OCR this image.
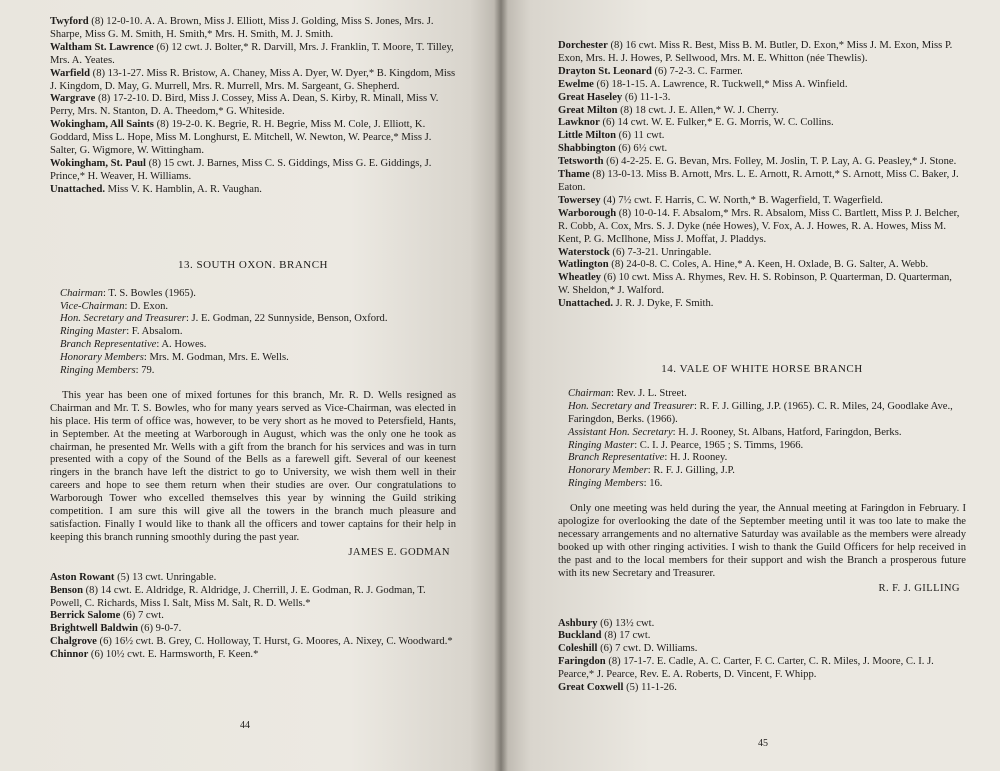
Twyford (8) 12-0-10. A. A. Brown, Miss J. Elliott, Miss J. Golding, Miss S. Jones, Mrs. J. Sharpe, Miss G. M. Smith, H. Smith,* Mrs. H. Smith, M. J. Smith.

Waltham St. Lawrence (6) 12 cwt. J. Bolter,* R. Darvill, Mrs. J. Franklin, T. Moore, T. Tilley, Mrs. A. Yeates.

Warfield (8) 13-1-27. Miss R. Bristow, A. Chaney, Miss A. Dyer, W. Dyer,* B. Kingdom, Miss J. Kingdom, D. May, G. Murrell, Mrs. R. Murrell, Mrs. M. Sargeant, G. Shepherd.

Wargrave (8) 17-2-10. D. Bird, Miss J. Cossey, Miss A. Dean, S. Kirby, R. Minall, Miss V. Perry, Mrs. N. Stanton, D. A. Theedom,* G. Whiteside.

Wokingham, All Saints (8) 19-2-0. K. Begrie, R. H. Begrie, Miss M. Cole, J. Elliott, K. Goddard, Miss L. Hope, Miss M. Longhurst, E. Mitchell, W. Newton, W. Pearce,* Miss J. Salter, G. Wigmore, W. Wittingham.

Wokingham, St. Paul (8) 15 cwt. J. Barnes, Miss C. S. Giddings, Miss G. E. Giddings, J. Prince,* H. Weaver, H. Williams.

Unattached. Miss V. K. Hamblin, A. R. Vaughan.

13. SOUTH OXON. BRANCH

Chairman: T. S. Bowles (1965).

Vice-Chairman: D. Exon.

Hon. Secretary and Treasurer: J. E. Godman, 22 Sunnyside, Benson, Oxford.

Ringing Master: F. Absalom.

Branch Representative: A. Howes.

Honorary Members: Mrs. M. Godman, Mrs. E. Wells.

Ringing Members: 79.

This year has been one of mixed fortunes for this branch, Mr. R. D. Wells resigned as Chairman and Mr. T. S. Bowles, who for many years served as Vice-Chairman, was elected in his place. His term of office was, however, to be very short as he moved to Petersfield, Hants, in September. At the meeting at Warborough in August, which was the only one he took as chairman, he presented Mr. Wells with a gift from the branch for his services and was in turn presented with a copy of the Sound of the Bells as a farewell gift. Several of our keenest ringers in the branch have left the district to go to University, we wish them well in their careers and hope to see them return when their studies are over. Our congratulations to Warborough Tower who excelled themselves this year by winning the Guild striking competition. I am sure this will give all the towers in the branch much pleasure and satisfaction. Finally I would like to thank all the officers and tower captains for their help in keeping this branch running smoothly during the past year.

JAMES E. GODMAN

Aston Rowant (5) 13 cwt. Unringable.

Benson (8) 14 cwt. E. Aldridge, R. Aldridge, J. Cherrill, J. E. Godman, R. J. Godman, T. Powell, C. Richards, Miss I. Salt, Miss M. Salt, R. D. Wells.*

Berrick Salome (6) 7 cwt.

Brightwell Baldwin (6) 9-0-7.

Chalgrove (6) 16½ cwt. B. Grey, C. Holloway, T. Hurst, G. Moores, A. Nixey, C. Woodward.*

Chinnor (6) 10½ cwt. E. Harmsworth, F. Keen.*

44

Dorchester (8) 16 cwt. Miss R. Best, Miss B. M. Butler, D. Exon,* Miss J. M. Exon, Miss P. Exon, Mrs. H. J. Howes, P. Sellwood, Mrs. M. E. Whitton (née Thewlis).

Drayton St. Leonard (6) 7-2-3. C. Farmer.

Ewelme (6) 18-1-15. A. Lawrence, R. Tuckwell,* Miss A. Winfield.

Great Haseley (6) 11-1-3.

Great Milton (8) 18 cwt. J. E. Allen,* W. J. Cherry.

Lawknor (6) 14 cwt. W. E. Fulker,* E. G. Morris, W. C. Collins.

Little Milton (6) 11 cwt.

Shabbington (6) 6½ cwt.

Tetsworth (6) 4-2-25. E. G. Bevan, Mrs. Folley, M. Joslin, T. P. Lay, A. G. Peasley,* J. Stone.

Thame (8) 13-0-13. Miss B. Arnott, Mrs. L. E. Arnott, R. Arnott,* S. Arnott, Miss C. Baker, J. Eaton.

Towersey (4) 7½ cwt. F. Harris, C. W. North,* B. Wagerfield, T. Wagerfield.

Warborough (8) 10-0-14. F. Absalom,* Mrs. R. Absalom, Miss C. Bartlett, Miss P. J. Belcher, R. Cobb, A. Cox, Mrs. S. J. Dyke (née Howes), V. Fox, A. J. Howes, R. A. Howes, Miss M. Kent, P. G. McIlhone, Miss J. Moffat, J. Pladdys.

Waterstock (6) 7-3-21. Unringable.

Watlington (8) 24-0-8. C. Coles, A. Hine,* A. Keen, H. Oxlade, B. G. Salter, A. Webb.

Wheatley (6) 10 cwt. Miss A. Rhymes, Rev. H. S. Robinson, P. Quarterman, D. Quarterman, W. Sheldon,* J. Walford.

Unattached. J. R. J. Dyke, F. Smith.

14. VALE OF WHITE HORSE BRANCH

Chairman: Rev. J. L. Street.

Hon. Secretary and Treasurer: R. F. J. Gilling, J.P. (1965). C. R. Miles, 24, Goodlake Ave., Faringdon, Berks. (1966).

Assistant Hon. Secretary: H. J. Rooney, St. Albans, Hatford, Faringdon, Berks.

Ringing Master: C. I. J. Pearce, 1965 ; S. Timms, 1966.

Branch Representative: H. J. Rooney.

Honorary Member: R. F. J. Gilling, J.P.

Ringing Members: 16.

Only one meeting was held during the year, the Annual meeting at Faringdon in February. I apologize for overlooking the date of the September meeting until it was too late to make the necessary arrangements and no alternative Saturday was available as the members were already booked up with other ringing activities. I wish to thank the Guild Officers for help received in the past and to the local members for their support and wish the Branch a prosperous future with its new Secretary and Treasurer.

R. F. J. GILLING

Ashbury (6) 13½ cwt.

Buckland (8) 17 cwt.

Coleshill (6) 7 cwt. D. Williams.

Faringdon (8) 17-1-7. E. Cadle, A. C. Carter, F. C. Carter, C. R. Miles, J. Moore, C. I. J. Pearce,* J. Pearce, Rev. E. A. Roberts, D. Vincent, F. Whipp.

Great Coxwell (5) 11-1-26.

45
